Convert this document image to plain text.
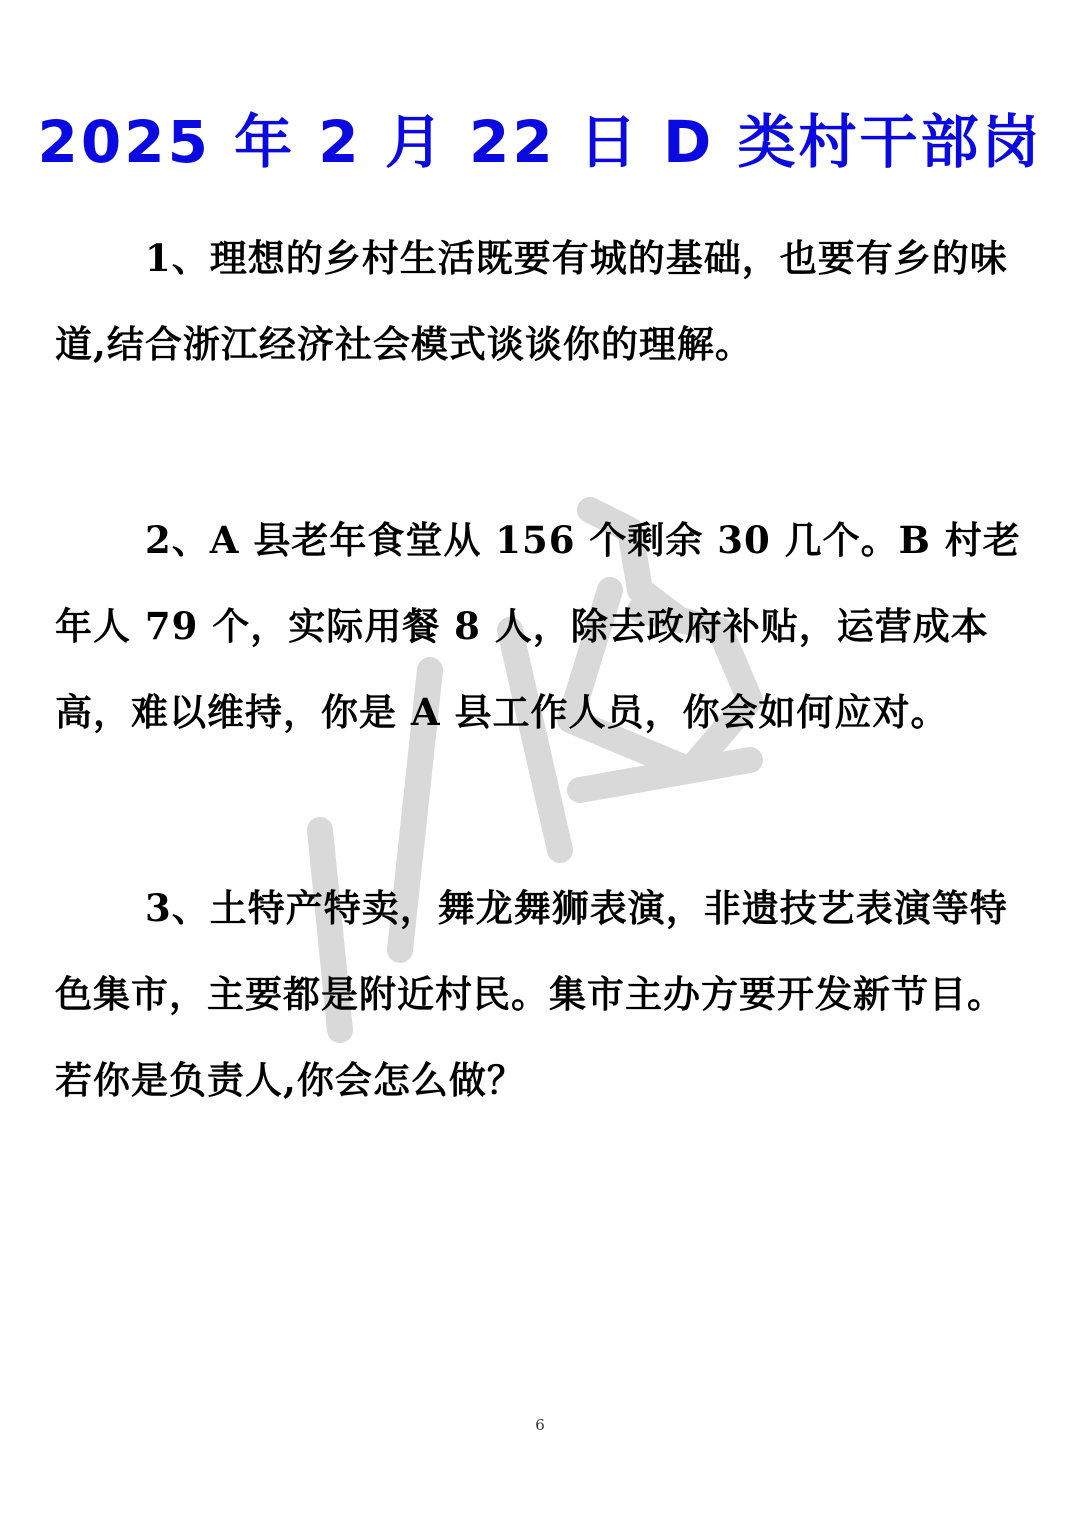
2025 年 2 月 22 日 D 类村干部岗

1、理想的乡村生活既要有城的基础，也要有乡的味道,结合浙江经济社会模式谈谈你的理解。

2、A 县老年食堂从 156 个剩余 30 几个。B 村老年人 79 个，实际用餐 8 人，除去政府补贴，运营成本高，难以维持，你是 A 县工作人员，你会如何应对。

3、土特产特卖，舞龙舞狮表演，非遗技艺表演等特色集市，主要都是附近村民。集市主办方要开发新节目。若你是负责人,你会怎么做？

6
